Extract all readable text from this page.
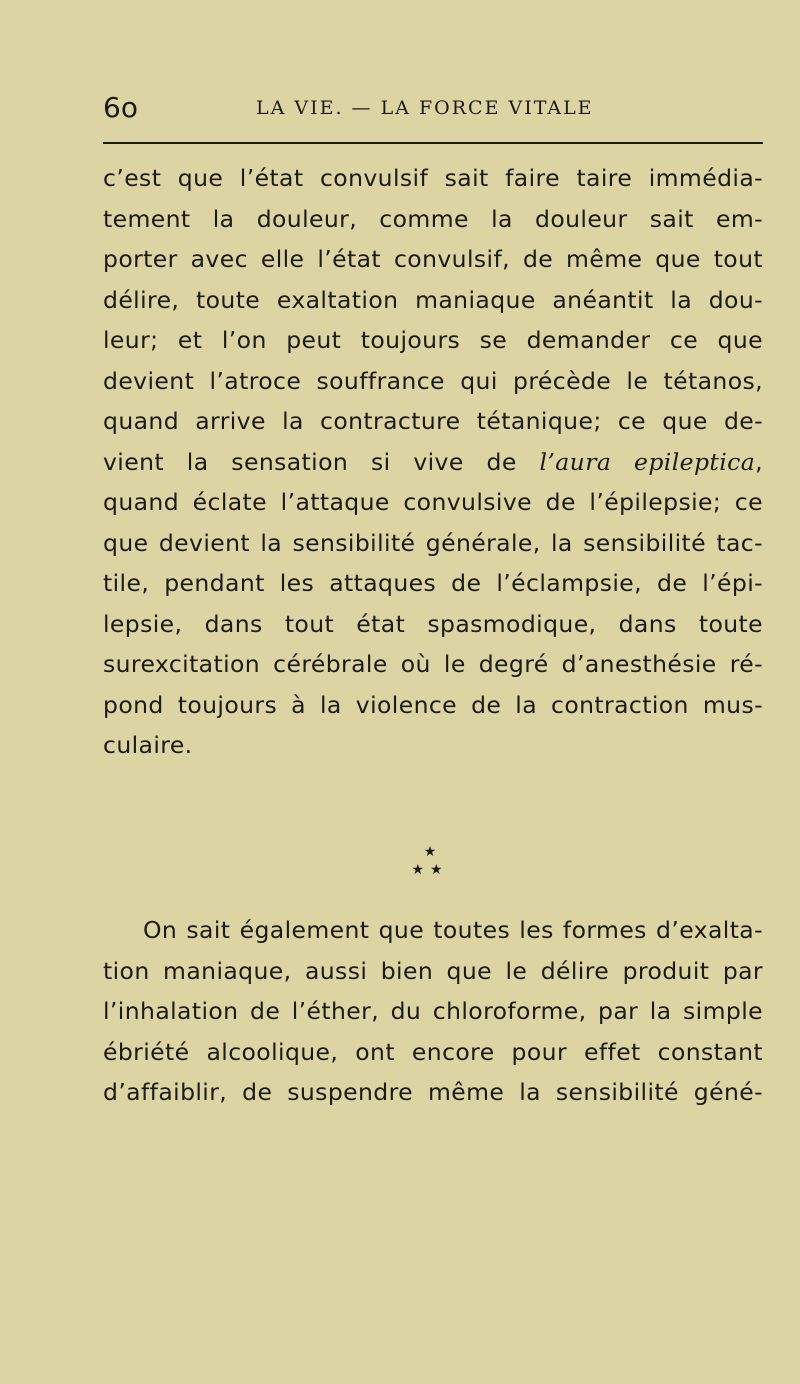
6o	LA VIE. — LA FORCE VITALE
c’est que l’état convulsif sait faire taire immédia-
tement la douleur, comme la douleur sait em-
porter avec elle l’état convulsif, de même que tout
délire, toute exaltation maniaque anéantit la dou-
leur; et l’on peut toujours se demander ce que
devient l’atroce souffrance qui précède le tétanos,
quand arrive la contracture tétanique; ce que de-
vient la sensation si vive de l’aura epileptica,
quand éclate l’attaque convulsive de l’épilepsie; ce
que devient la sensibilité générale, la sensibilité tac-
tile, pendant les attaques de l’éclampsie, de l’épi-
lepsie, dans tout état spasmodique, dans toute
surexcitation cérébrale où le degré d’anesthésie ré-
pond toujours à la violence de la contraction mus-
culaire.
★
★★
On sait également que toutes les formes d’exalta-
tion maniaque, aussi bien que le délire produit par
l’inhalation de l’éther, du chloroforme, par la simple
ébriété alcoolique, ont encore pour effet constant
d’affaiblir, de suspendre même la sensibilité géné-
